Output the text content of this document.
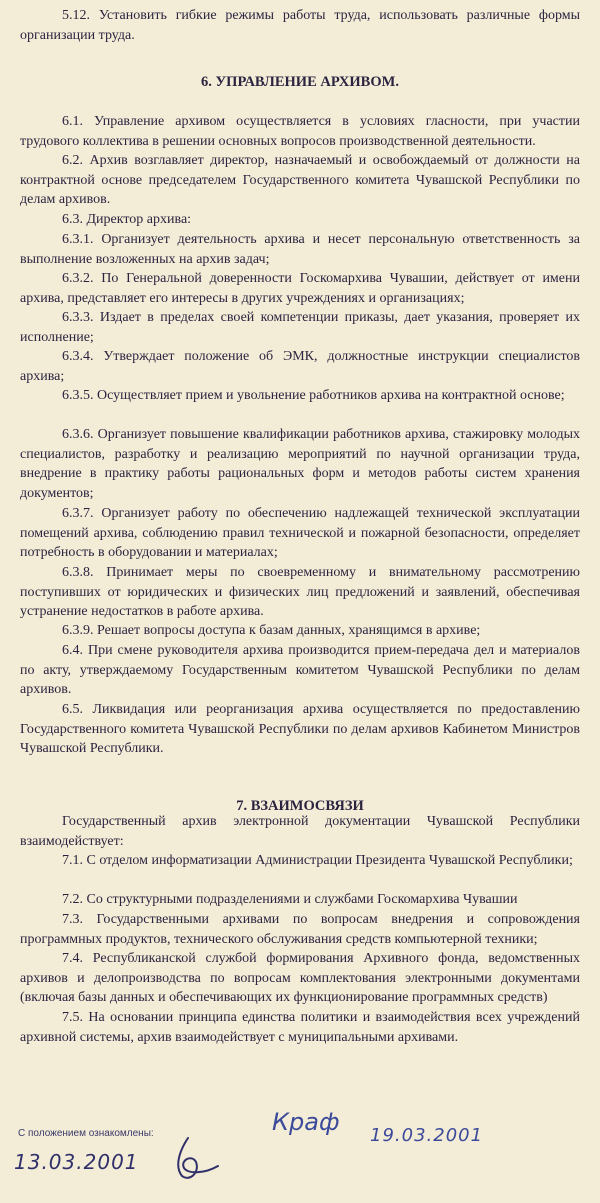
5.12. Установить гибкие режимы работы труда, использовать различные формы организации труда.

6. УПРАВЛЕНИЕ АРХИВОМ.

6.1. Управление архивом осуществляется в условиях гласности, при участии трудового коллектива в решении основных вопросов производственной деятельности.

6.2. Архив возглавляет директор, назначаемый и освобождаемый от должности на контрактной основе председателем Государственного комитета Чувашской Республики по делам архивов.

6.3. Директор архива:

6.3.1. Организует деятельность архива и несет персональную ответственность за выполнение возложенных на архив задач;

6.3.2. По Генеральной доверенности Госкомархива Чувашии, действует от имени архива, представляет его интересы в других учреждениях и организациях;

6.3.3. Издает в пределах своей компетенции приказы, дает указания, проверяет их исполнение;

6.3.4. Утверждает положение об ЭМК, должностные инструкции специалистов архива;

6.3.5. Осуществляет прием и увольнение работников архива на контрактной основе;

6.3.6. Организует повышение квалификации работников архива, стажировку молодых специалистов, разработку и реализацию мероприятий по научной организации труда, внедрение в практику работы рациональных форм и методов работы систем хранения документов;

6.3.7. Организует работу по обеспечению надлежащей технической эксплуатации помещений архива, соблюдению правил технической и пожарной безопасности, определяет потребность в оборудовании и материалах;

6.3.8. Принимает меры по своевременному и внимательному рассмотрению поступивших от юридических и физических лиц предложений и заявлений, обеспечивая устранение недостатков в работе архива.

6.3.9. Решает вопросы доступа к базам данных, хранящимся в архиве;

6.4. При смене руководителя архива производится прием-передача дел и материалов по акту, утверждаемому Государственным комитетом Чувашской Республики по делам архивов.

6.5. Ликвидация или реорганизация архива осуществляется по предоставлению Государственного комитета Чувашской Республики по делам архивов Кабинетом Министров Чувашской Республики.

7. ВЗАИМОСВЯЗИ

Государственный архив электронной документации Чувашской Республики взаимодействует:

7.1. С отделом информатизации Администрации Президента Чувашской Республики;

7.2. Со структурными подразделениями и службами Госкомархива Чувашии

7.3. Государственными архивами по вопросам внедрения и сопровождения программных продуктов, технического обслуживания средств компьютерной техники;

7.4. Республиканской службой формирования Архивного фонда, ведомственных архивов и делопроизводства по вопросам комплектования электронными документами (включая базы данных и обеспечивающих их функционирование программных средств)

7.5. На основании принципа единства политики и взаимодействия всех учреждений архивной системы, архив взаимодействует с муниципальными архивами.

С положением ознакомлены:	Краф 19.03.2001

13.03.2001
